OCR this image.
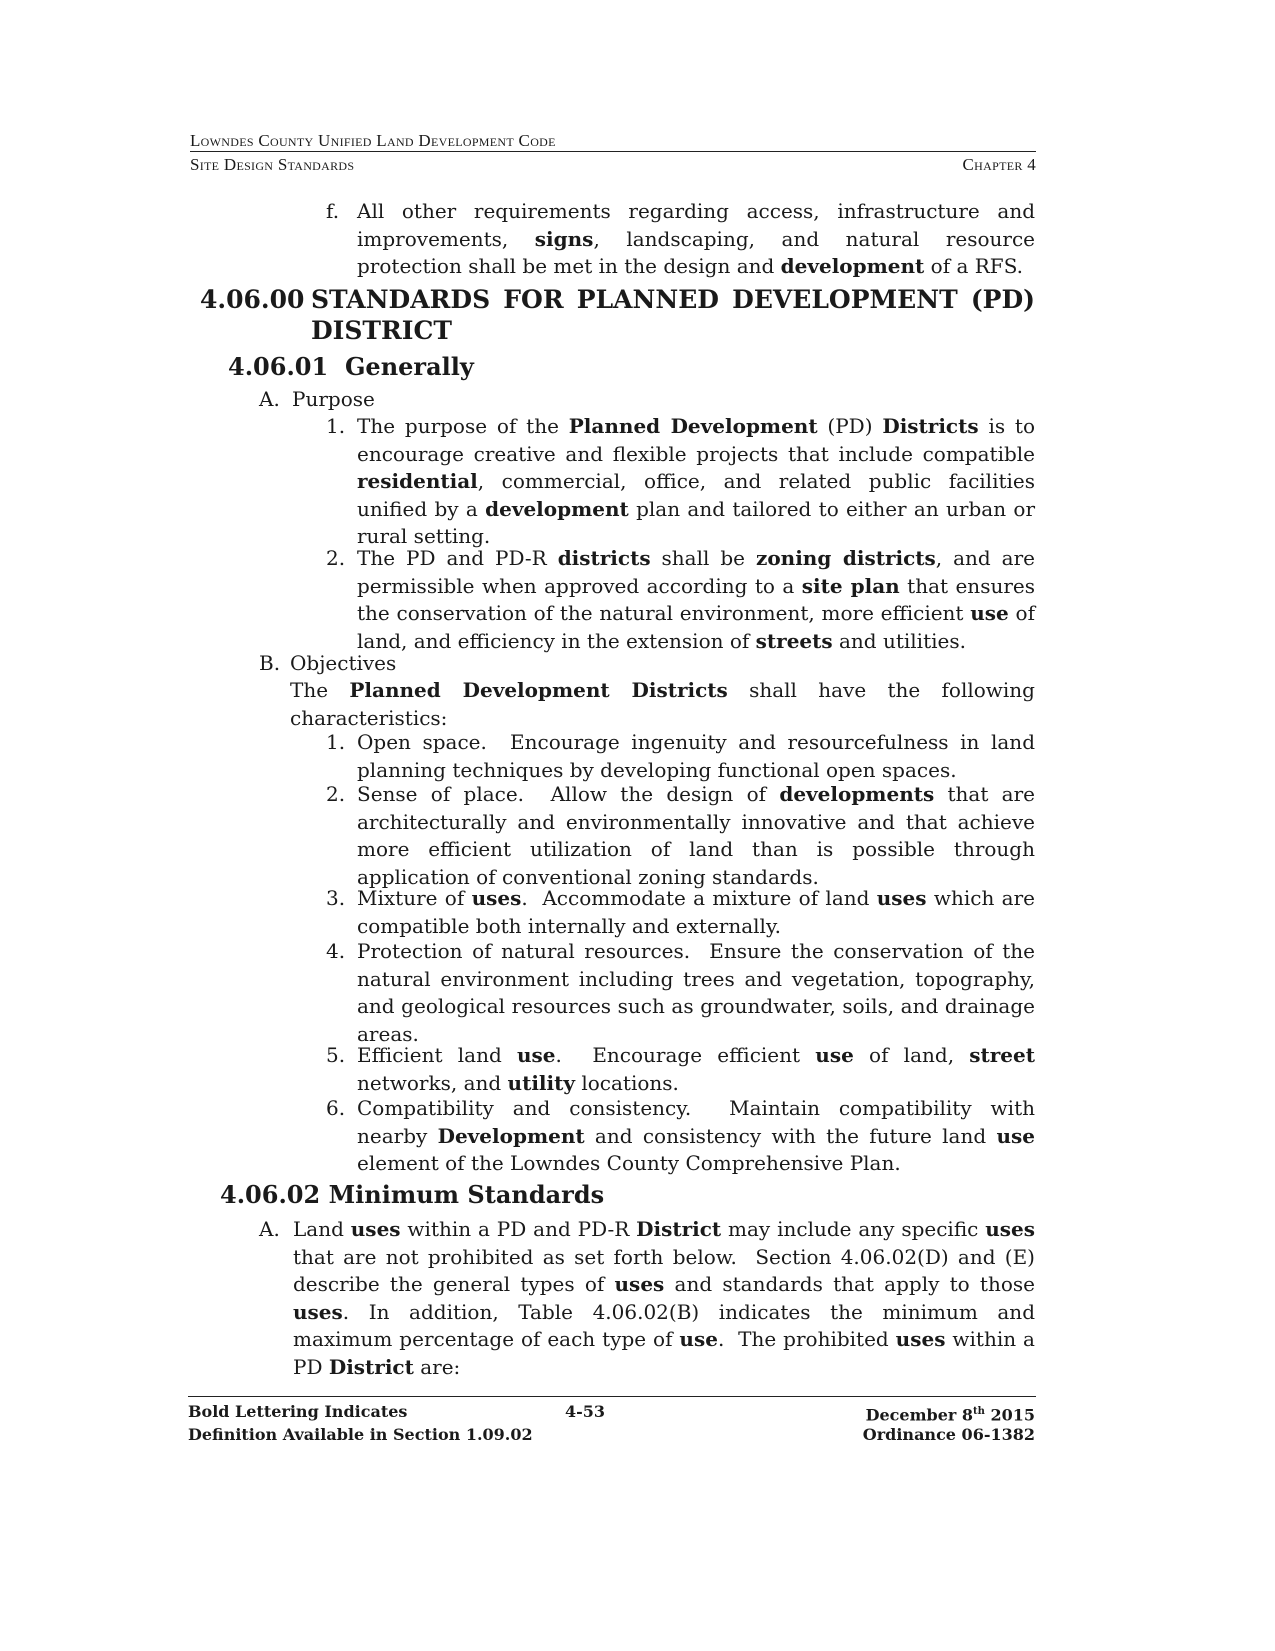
Lowndes County Unified Land Development Code
Site Design Standards	Chapter 4
f. All other requirements regarding access, infrastructure and improvements, signs, landscaping, and natural resource protection shall be met in the design and development of a RFS.
4.06.00 STANDARDS FOR PLANNED DEVELOPMENT (PD) DISTRICT
4.06.01 Generally
A. Purpose
1. The purpose of the Planned Development (PD) Districts is to encourage creative and flexible projects that include compatible residential, commercial, office, and related public facilities unified by a development plan and tailored to either an urban or rural setting.
2. The PD and PD-R districts shall be zoning districts, and are permissible when approved according to a site plan that ensures the conservation of the natural environment, more efficient use of land, and efficiency in the extension of streets and utilities.
B. Objectives
The Planned Development Districts shall have the following characteristics:
1. Open space.  Encourage ingenuity and resourcefulness in land planning techniques by developing functional open spaces.
2. Sense of place.  Allow the design of developments that are architecturally and environmentally innovative and that achieve more efficient utilization of land than is possible through application of conventional zoning standards.
3. Mixture of uses.  Accommodate a mixture of land uses which are compatible both internally and externally.
4. Protection of natural resources.  Ensure the conservation of the natural environment including trees and vegetation, topography, and geological resources such as groundwater, soils, and drainage areas.
5. Efficient land use.  Encourage efficient use of land, street networks, and utility locations.
6. Compatibility and consistency.  Maintain compatibility with nearby Development and consistency with the future land use element of the Lowndes County Comprehensive Plan.
4.06.02 Minimum Standards
A. Land uses within a PD and PD-R District may include any specific uses that are not prohibited as set forth below.  Section 4.06.02(D) and (E) describe the general types of uses and standards that apply to those uses. In addition, Table 4.06.02(B) indicates the minimum and maximum percentage of each type of use.  The prohibited uses within a PD District are:
Bold Lettering Indicates
Definition Available in Section 1.09.02
4-53	December 8th 2015
Ordinance 06-1382
